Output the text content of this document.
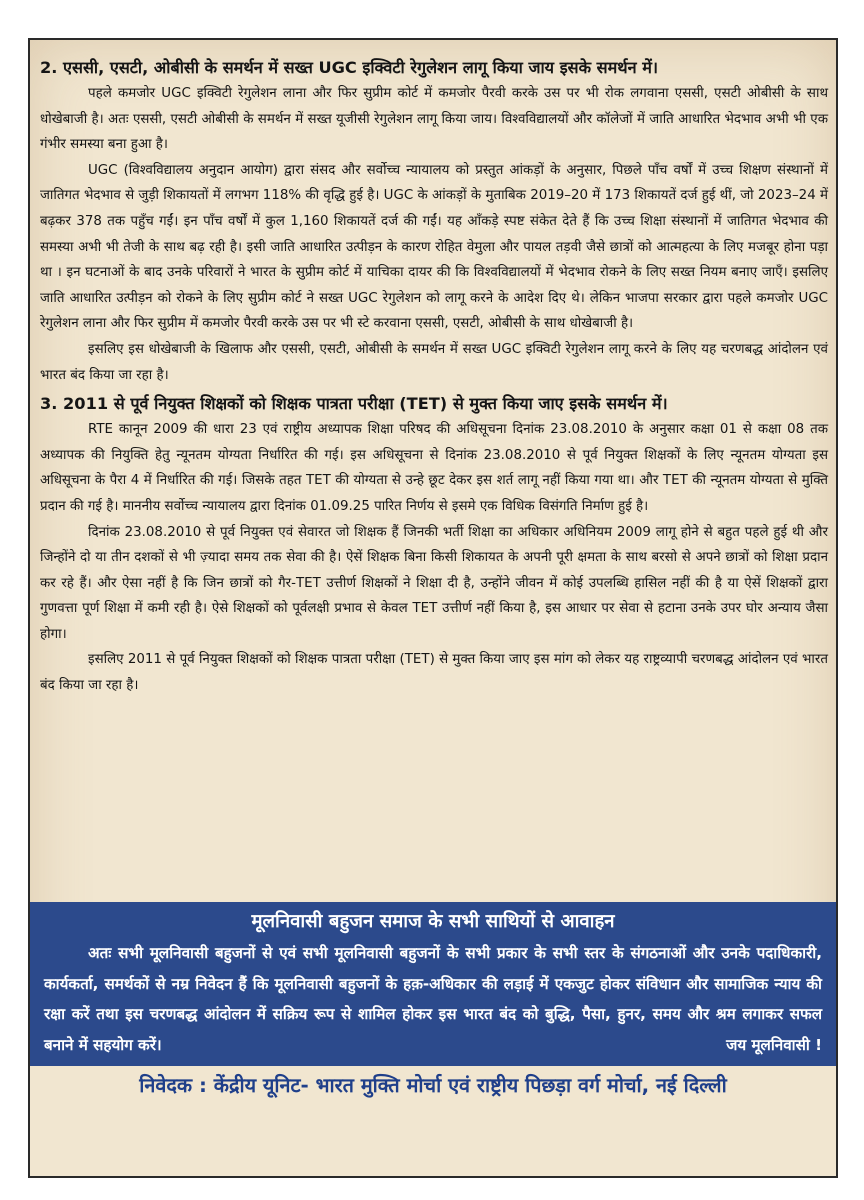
2. एससी, एसटी, ओबीसी के समर्थन में सख्त UGC इक्विटी रेगुलेशन लागू किया जाय इसके समर्थन में।

पहले कमजोर UGC इक्विटी रेगुलेशन लाना और फिर सुप्रीम कोर्ट में कमजोर पैरवी करके उस पर भी रोक लगवाना एससी, एसटी ओबीसी के साथ धोखेबाजी है। अतः एससी, एसटी ओबीसी के समर्थन में सख्त यूजीसी रेगुलेशन लागू किया जाय। विश्वविद्यालयों और कॉलेजों में जाति आधारित भेदभाव अभी भी एक गंभीर समस्या बना हुआ है।

UGC (विश्वविद्यालय अनुदान आयोग) द्वारा संसद और सर्वोच्च न्यायालय को प्रस्तुत आंकड़ों के अनुसार, पिछले पाँच वर्षों में उच्च शिक्षण संस्थानों में जातिगत भेदभाव से जुड़ी शिकायतों में लगभग 118% की वृद्धि हुई है। UGC के आंकड़ों के मुताबिक 2019–20 में 173 शिकायतें दर्ज हुई थीं, जो 2023–24 में बढ़कर 378 तक पहुँच गईं। इन पाँच वर्षों में कुल 1,160 शिकायतें दर्ज की गईं। यह आँकड़े स्पष्ट संकेत देते हैं कि उच्च शिक्षा संस्थानों में जातिगत भेदभाव की समस्या अभी भी तेजी के साथ बढ़ रही है। इसी जाति आधारित उत्पीड़न के कारण रोहित वेमुला और पायल तड़वी जैसे छात्रों को आत्महत्या के लिए मजबूर होना पड़ा था । इन घटनाओं के बाद उनके परिवारों ने भारत के सुप्रीम कोर्ट में याचिका दायर की कि विश्वविद्यालयों में भेदभाव रोकने के लिए सख्त नियम बनाए जाएँ। इसलिए जाति आधारित उत्पीड़न को रोकने के लिए सुप्रीम कोर्ट ने सख्त UGC रेगुलेशन को लागू करने के आदेश दिए थे। लेकिन भाजपा सरकार द्वारा पहले कमजोर UGC रेगुलेशन लाना और फिर सुप्रीम में कमजोर पैरवी करके उस पर भी स्टे करवाना एससी, एसटी, ओबीसी के साथ धोखेबाजी है।

इसलिए इस धोखेबाजी के खिलाफ और एससी, एसटी, ओबीसी के समर्थन में सख्त UGC इक्विटी रेगुलेशन लागू करने के लिए यह चरणबद्ध आंदोलन एवं भारत बंद किया जा रहा है।

3. 2011 से पूर्व नियुक्त शिक्षकों को शिक्षक पात्रता परीक्षा (TET) से मुक्त किया जाए इसके समर्थन में।

RTE कानून 2009 की धारा 23 एवं राष्ट्रीय अध्यापक शिक्षा परिषद की अधिसूचना दिनांक 23.08.2010 के अनुसार कक्षा 01 से कक्षा 08 तक अध्यापक की नियुक्ति हेतु न्यूनतम योग्यता निर्धारित की गई। इस अधिसूचना से दिनांक 23.08.2010 से पूर्व नियुक्त शिक्षकों के लिए न्यूनतम योग्यता इस अधिसूचना के पैरा 4 में निर्धारित की गई। जिसके तहत TET की योग्यता से उन्हे छूट देकर इस शर्त लागू नहीं किया गया था। और TET की न्यूनतम योग्यता से मुक्ति प्रदान की गई है। माननीय सर्वोच्च न्यायालय द्वारा दिनांक 01.09.25 पारित निर्णय से इसमे एक विधिक विसंगति निर्माण हुई है।

दिनांक 23.08.2010 से पूर्व नियुक्त एवं सेवारत जो शिक्षक हैं जिनकी भर्ती शिक्षा का अधिकार अधिनियम 2009 लागू होने से बहुत पहले हुई थी और जिन्होंने दो या तीन दशकों से भी ज़्यादा समय तक सेवा की है। ऐसें शिक्षक बिना किसी शिकायत के अपनी पूरी क्षमता के साथ बरसो से अपने छात्रों को शिक्षा प्रदान कर रहे हैं। और ऐसा नहीं है कि जिन छात्रों को गैर-TET उत्तीर्ण शिक्षकों ने शिक्षा दी है, उन्होंने जीवन में कोई उपलब्धि हासिल नहीं की है या ऐसें शिक्षकों द्वारा गुणवत्ता पूर्ण शिक्षा में कमी रही है। ऐसे शिक्षकों को पूर्वलक्षी प्रभाव से केवल TET उत्तीर्ण नहीं किया है, इस आधार पर सेवा से हटाना उनके उपर घोर अन्याय जैसा होगा।

इसलिए 2011 से पूर्व नियुक्त शिक्षकों को शिक्षक पात्रता परीक्षा (TET) से मुक्त किया जाए इस मांग को लेकर यह राष्ट्रव्यापी चरणबद्ध आंदोलन एवं भारत बंद किया जा रहा है।

मूलनिवासी बहुजन समाज के सभी साथियों से आवाहन

अतः सभी मूलनिवासी बहुजनों से एवं सभी मूलनिवासी बहुजनों के सभी प्रकार के सभी स्तर के संगठनाओं और उनके पदाधिकारी, कार्यकर्ता, समर्थकों से नम्र निवेदन हैं कि मूलनिवासी बहुजनों के हक़-अधिकार की लड़ाई में एकजुट होकर संविधान और सामाजिक न्याय की रक्षा करें तथा इस चरणबद्ध आंदोलन में सक्रिय रूप से शामिल होकर इस भारत बंद को बुद्धि, पैसा, हुनर, समय और श्रम लगाकर सफल बनाने में सहयोग करें।	जय मूलनिवासी !

निवेदक : केंद्रीय यूनिट- भारत मुक्ति मोर्चा एवं राष्ट्रीय पिछड़ा वर्ग मोर्चा, नई दिल्ली
